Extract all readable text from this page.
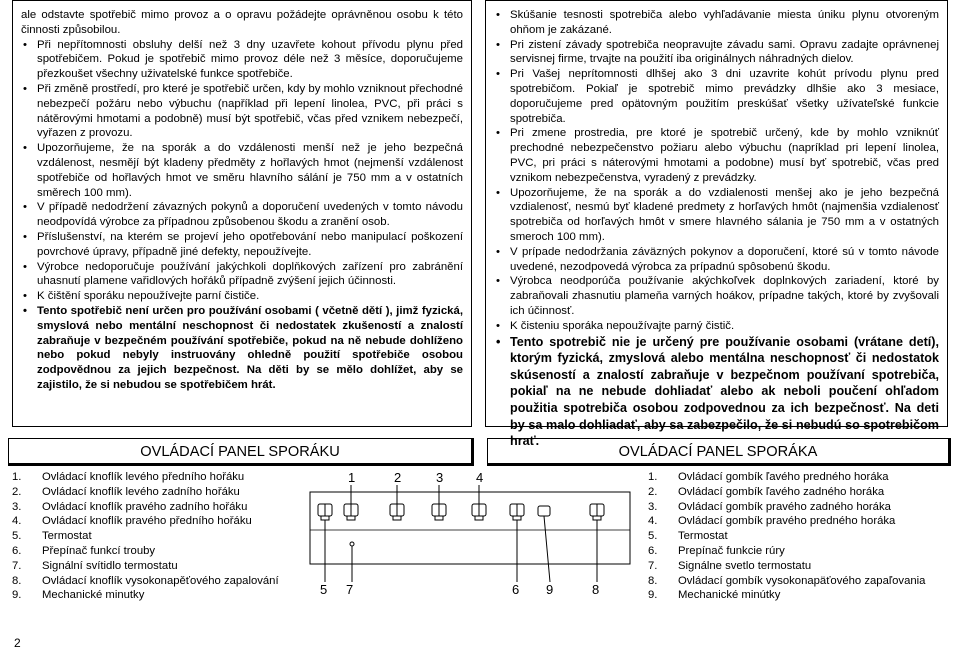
ale odstavte spotřebič mimo provoz a o opravu požádejte oprávněnou osobu k této činnosti způsobilou.
• Při nepřítomnosti obsluhy delší než 3 dny uzavřete kohout přívodu plynu před spotřebičem. Pokud je spotřebič mimo provoz déle než 3 měsíce, doporučujeme přezkoušet všechny uživatelské funkce spotřebiče.
• Při změně prostředí, pro které je spotřebič určen, kdy by mohlo vzniknout přechodné nebezpečí požáru nebo výbuchu (například při lepení linolea, PVC, při práci s nátěrovými hmotami a podobně) musí být spotřebič, včas před vznikem nebezpečí, vyřazen z provozu.
• Upozorňujeme, že na sporák a do vzdálenosti menší než je jeho bezpečná vzdálenost, nesmějí být kladeny předměty z hořlavých hmot (nejmenší vzdálenost spotřebiče od hořlavých hmot ve směru hlavního sálání je 750 mm a v ostatních směrech 100 mm).
• V případě nedodržení závazných pokynů a doporučení uvedených v tomto návodu neodpovídá výrobce za případnou způsobenou škodu a zranění osob.
• Příslušenství, na kterém se projeví jeho opotřebování nebo manipulací poškození povrchové úpravy, případně jiné defekty, nepoužívejte.
• Výrobce nedoporučuje používání jakýchkoli doplňkových zařízení pro zabránění uhasnutí plamene vařidlových hořáků případně zvýšení jejich účinnosti.
• K čištění sporáku nepoužívejte parní čističe.
• Tento spotřebič není určen pro používání osobami ( včetně dětí ), jimž fyzická, smyslová nebo mentální neschopnost či nedostatek zkušeností a znalostí zabraňuje v bezpečném používání spotřebiče, pokud na ně nebude dohlíženo nebo pokud nebyly instruovány ohledně použití spotřebiče osobou zodpovědnou za jejich bezpečnost. Na děti by se mělo dohlížet, aby se zajistilo, že si nebudou se spotřebičem hrát.
• Skúšanie tesnosti spotrebiča alebo vyhľadávanie miesta úniku plynu otvoreným ohňom je zakázané.
• Pri zistení závady spotrebiča neopravujte závadu sami. Opravu zadajte oprávnenej servisnej firme, trvajte na použití iba originálnych náhradných dielov.
• Pri Vašej neprítomnosti dlhšej ako 3 dni uzavrite kohút prívodu plynu pred spotrebičom. Pokiaľ je spotrebič mimo prevádzky dlhšie ako 3 mesiace, doporučujeme pred opätovným použitím preskúšať všetky užívateľské funkcie spotrebiča.
• Pri zmene prostredia, pre ktoré je spotrebič určený, kde by mohlo vzniknúť prechodné nebezpečenstvo požiaru alebo výbuchu (napríklad pri lepení linolea, PVC, pri práci s náterovými hmotami a podobne) musí byť spotrebič, včas pred vznikom nebezpečenstva, vyradený z prevádzky.
• Upozorňujeme, že na sporák a do vzdialenosti menšej ako je jeho bezpečná vzdialenosť, nesmú byť kladené predmety z horľavých hmôt (najmenšia vzdialenosť spotrebiča od horľavých hmôt v smere hlavného sálania je 750 mm a v ostatných smeroch 100 mm).
• V prípade nedodržania záväzných pokynov a doporučení, ktoré sú v tomto návode uvedené, nezodpovedá výrobca za prípadnú spôsobenú škodu.
• Výrobca neodporúča používanie akýchkoľvek doplnkových zariadení, ktoré by zabraňovali zhasnutiu plameňa varných hoákov, prípadne takých, ktoré by zvyšovali ich účinnosť.
• K čisteniu sporáka nepoužívajte parný čistič.
• Tento spotrebič nie je určený pre používanie osobami (vrátane detí), ktorým fyzická, zmyslová alebo mentálna neschopnosť či nedostatok skúseností a znalostí zabraňuje v bezpečnom používaní spotrebiča, pokiaľ na ne nebude dohliadať alebo ak neboli poučení ohľadom použitia spotrebiča osobou zodpovednou za ich bezpečnosť. Na deti by sa malo dohliadať, aby sa zabezpečilo, že si nebudú so spotrebičom hrať.
OVLÁDACÍ PANEL SPORÁKU	OVLÁDACÍ PANEL SPORÁKA
1. Ovládací knoflík levého předního hořáku
2. Ovládací knoflík levého zadního hořáku
3. Ovládací knoflík pravého zadního hořáku
4. Ovládací knoflík pravého předního hořáku
5. Termostat
6. Přepínač funkcí trouby
7. Signální svítidlo termostatu
8. Ovládací knoflík vysokonapěťového zapalování
9. Mechanické minutky
1. Ovládací gombík ľavého predného horáka
2. Ovládací gombík ľavého zadného horáka
3. Ovládací gombík pravého zadného horáka
4. Ovládací gombík pravého predného horáka
5. Termostat
6. Prepínač funkcie rúry
7. Signálne svetlo termostatu
8. Ovládací gombík vysokonapäťového zapaľovania
9. Mechanické minútky
1	2	3	4
5 7	6 9	8
2
